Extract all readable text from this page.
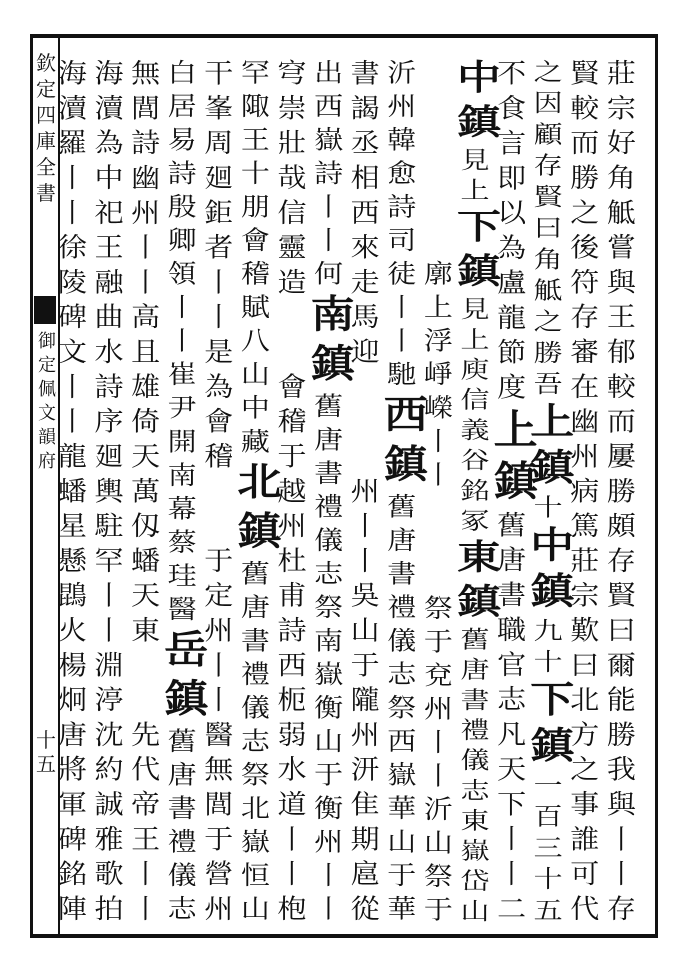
欽
定
四
庫
全
書
御
定
佩
文
韻
府
十
五
莊
宗
好
角
觝
嘗
與
王
郁
較
而
屢
勝
頗
存
賢
曰
爾
能
勝
我
與
丨
丨
存
賢
較
而
勝
之
後
符
存
審
在
幽
州
病
篤
莊
宗
歎
曰
北
方
之
事
誰
可
代
之
因
顧
存
賢
曰
角
觝
之
勝
吾
上
鎮
十
中
鎮
九
十
下
鎮
一
百
三
十
五
不
食
言
即
以
為
盧
龍
節
度
上
鎮
舊
唐
書
職
官
志
凡
天
下
丨
丨
二
中
鎮
見
上
下
鎮
見
上
庾
信
義
谷
銘
冢
東
鎮
舊
唐
書
禮
儀
志
東
嶽
岱
山
廓
上
浮
崢
嶸
丨
丨
祭
于
兗
州
丨
丨
沂
山
祭
于
沂
州
韓
愈
詩
司
徒
丨
丨
馳
西
鎮
舊
唐
書
禮
儀
志
祭
西
嶽
華
山
于
華
書
謁
丞
相
西
來
走
馬
迎
州
丨
丨
吳
山
于
隴
州
汧
隹
期
扈
從
出
西
嶽
詩
丨
丨
何
南
鎮
舊
唐
書
禮
儀
志
祭
南
嶽
衡
山
于
衡
州
丨
丨
穹
崇
壯
哉
信
靈
造
會
稽
于
越
州
杜
甫
詩
西
枙
弱
水
道
丨
丨
枹
罕
陬
王
十
朋
會
稽
賦
八
山
中
藏
北
鎮
舊
唐
書
禮
儀
志
祭
北
嶽
恒
山
干
峯
周
廻
鉅
者
丨
丨
是
為
會
稽
于
定
州
丨
丨
醫
無
閭
于
營
州
白
居
易
詩
殷
卿
領
丨
丨
崔
尹
開
南
幕
蔡
珪
醫
岳
鎮
舊
唐
書
禮
儀
志
無
閭
詩
幽
州
丨
丨
高
且
雄
倚
天
萬
仭
蟠
天
東
先
代
帝
王
丨
丨
海
瀆
為
中
祀
王
融
曲
水
詩
序
廻
輿
駐
罕
丨
丨
淵
渟
沈
約
誠
雅
歌
拍
海
瀆
羅
丨
丨
徐
陵
碑
文
丨
丨
龍
蟠
星
懸
鵾
火
楊
炯
唐
將
軍
碑
銘
陣
